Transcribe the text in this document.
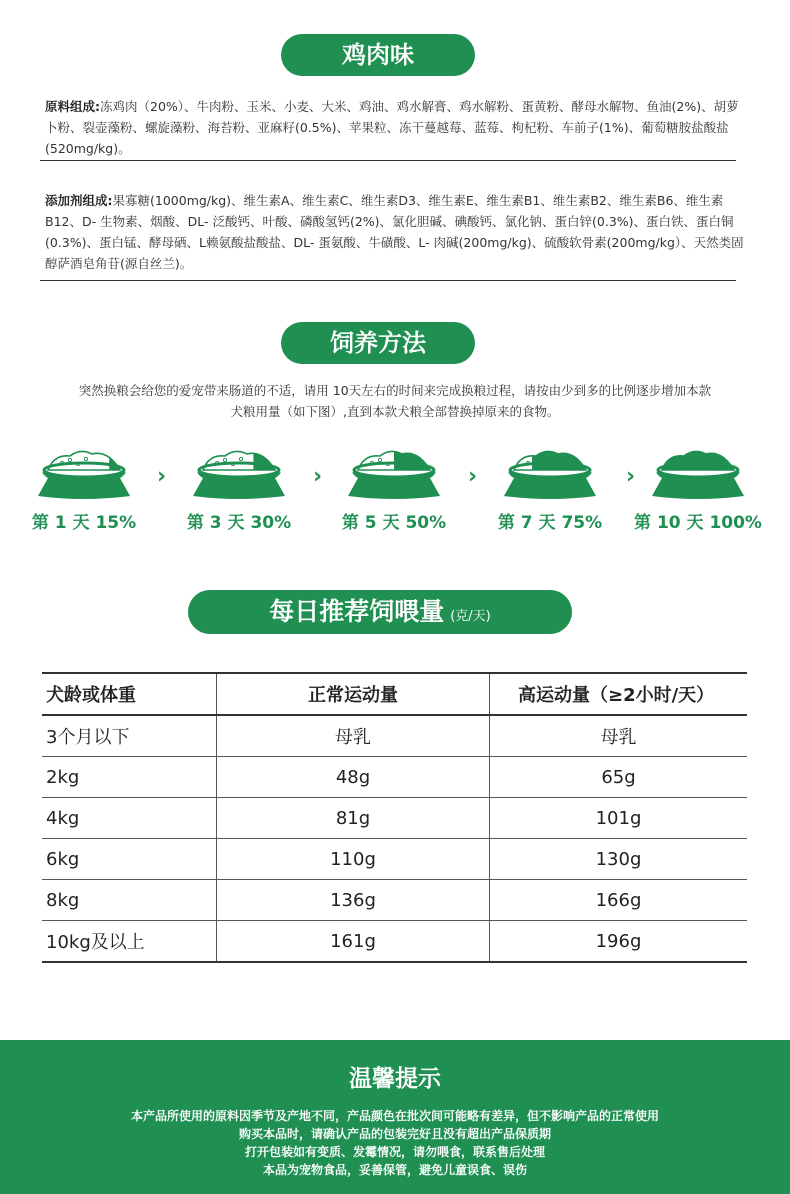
鸡肉味
原料组成:冻鸡肉（20%）、牛肉粉、玉米、小麦、大米、鸡油、鸡水解膏、鸡水解粉、蛋黄粉、酵母水解物、鱼油(2%)、胡萝卜粉、裂壶藻粉、螺旋藻粉、海苔粉、亚麻籽(0.5%)、苹果粒、冻干蔓越莓、蓝莓、枸杞粉、车前子(1%)、葡萄糖胺盐酸盐(520mg/kg)。
添加剂组成:果寡糖(1000mg/kg)、维生素A、维生素C、维生素D3、维生素E、维生素B1、维生素B2、维生素B6、维生素B12、D- 生物素、烟酸、DL- 泛酸钙、叶酸、磷酸氢钙(2%)、氯化胆碱、碘酸钙、氯化钠、蛋白锌(0.3%)、蛋白铁、蛋白铜(0.3%)、蛋白锰、酵母硒、L赖氨酸盐酸盐、DL- 蛋氨酸、牛磺酸、L- 肉碱(200mg/kg)、硫酸软骨素(200mg/kg）、天然类固醇萨酒皂角苷(源自丝兰)。
饲养方法
突然换粮会给您的爱宠带来肠道的不适，请用 10天左右的时间来完成换粮过程，请按由少到多的比例逐步增加本款
犬粮用量（如下图）,直到本款犬粮全部替换掉原来的食物。
第 1 天 15%	第 3 天 30%	第 5 天 50%	第 7 天 75%	第 10 天 100%
›	›	›	›
每日推荐饲喂量 (克/天)
犬龄或体重	正常运动量	高运动量（≥2小时/天）
3个月以下	母乳	母乳
2kg	48g	65g
4kg	81g	101g
6kg	110g	130g
8kg	136g	166g
10kg及以上	161g	196g
温馨提示
本产品所使用的原料因季节及产地不同，产品颜色在批次间可能略有差异，但不影响产品的正常使用
购买本品时，请确认产品的包装完好且没有超出产品保质期
打开包装如有变质、发霉情况，请勿喂食，联系售后处理
本品为宠物食品，妥善保管，避免儿童误食、误伤
